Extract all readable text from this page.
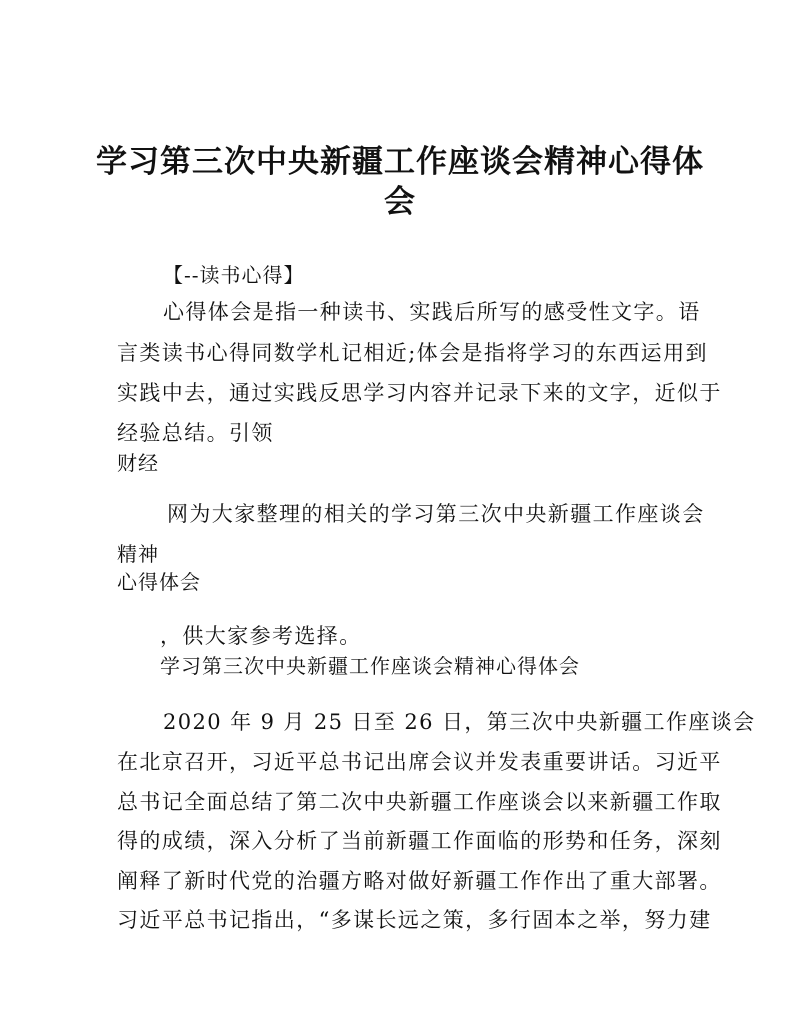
学习第三次中央新疆工作座谈会精神心得体
会
【--读书心得】
心得体会是指一种读书、实践后所写的感受性文字。语
言类读书心得同数学札记相近;体会是指将学习的东西运用到
实践中去，通过实践反思学习内容并记录下来的文字，近似于
经验总结。引领
财经
网为大家整理的相关的学习第三次中央新疆工作座谈会
精神
心得体会
，供大家参考选择。
学习第三次中央新疆工作座谈会精神心得体会
2020 年 9 月 25 日至 26 日，第三次中央新疆工作座谈会
在北京召开，习近平总书记出席会议并发表重要讲话。习近平
总书记全面总结了第二次中央新疆工作座谈会以来新疆工作取
得的成绩，深入分析了当前新疆工作面临的形势和任务，深刻
阐释了新时代党的治疆方略对做好新疆工作作出了重大部署。
习近平总书记指出，“多谋长远之策，多行固本之举，努力建
